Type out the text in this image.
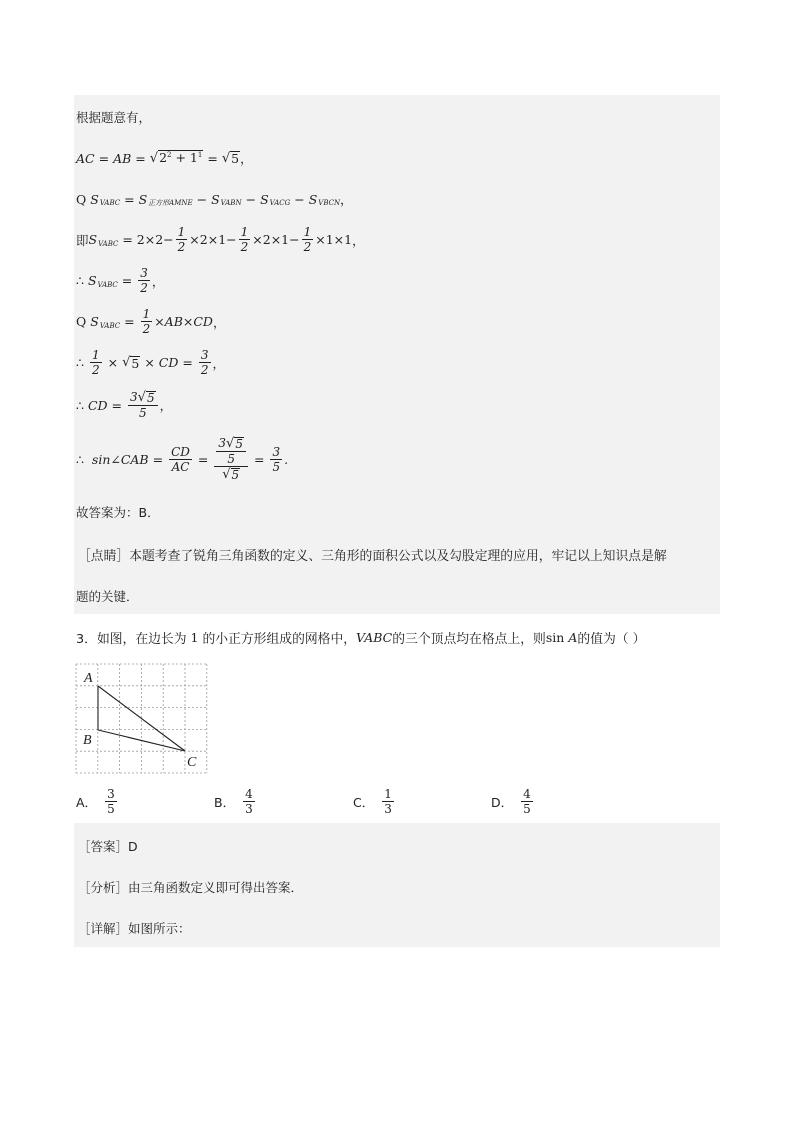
根据题意有，
AC = AB = √ $2^2 + 1^1$ = √ 5 ，
Q
S VABC = S 正方形AMNE − S VABN − S VACG − S VBCN ，
即 S VABC
= $2\times 2- \frac{1}{2} \times 2\times 1- \frac{1}{2} \times 2\times 1- \frac{1}{2} \times 1\times 1$ ，
∴
S VABC = $\frac{3}{2}$ ，
Q
S VABC = $\frac{1}{2} \times AB\times CD$ ，
∴
$\frac{1}{2}$ × √ 5 × CD = $\frac{3}{2}$ ，
∴
CD = $\frac{3 √ 5}{5}$ ，
∴
sin∠CAB = $\frac{CD}{AC} = \frac{\frac{3 √ 5}{5}}{√ 5} = \frac{3}{5}$ .
故答案为：B．
［点睛］本题考查了锐角三角函数的定义、三角形的面积公式以及勾股定理的应用，牢记以上知识点是解
题的关键．
3．如图，在边长为 1 的小正方形组成的网格中， VABC 的三个顶点均在格点上，则 sin
A 的值为（ ）
A
B
C
A． $\frac{3}{5}$	B． $\frac{4}{3}$	C． $\frac{1}{3}$	D． $\frac{4}{5}$
［答案］D
［分析］由三角函数定义即可得出答案．
［详解］如图所示：
